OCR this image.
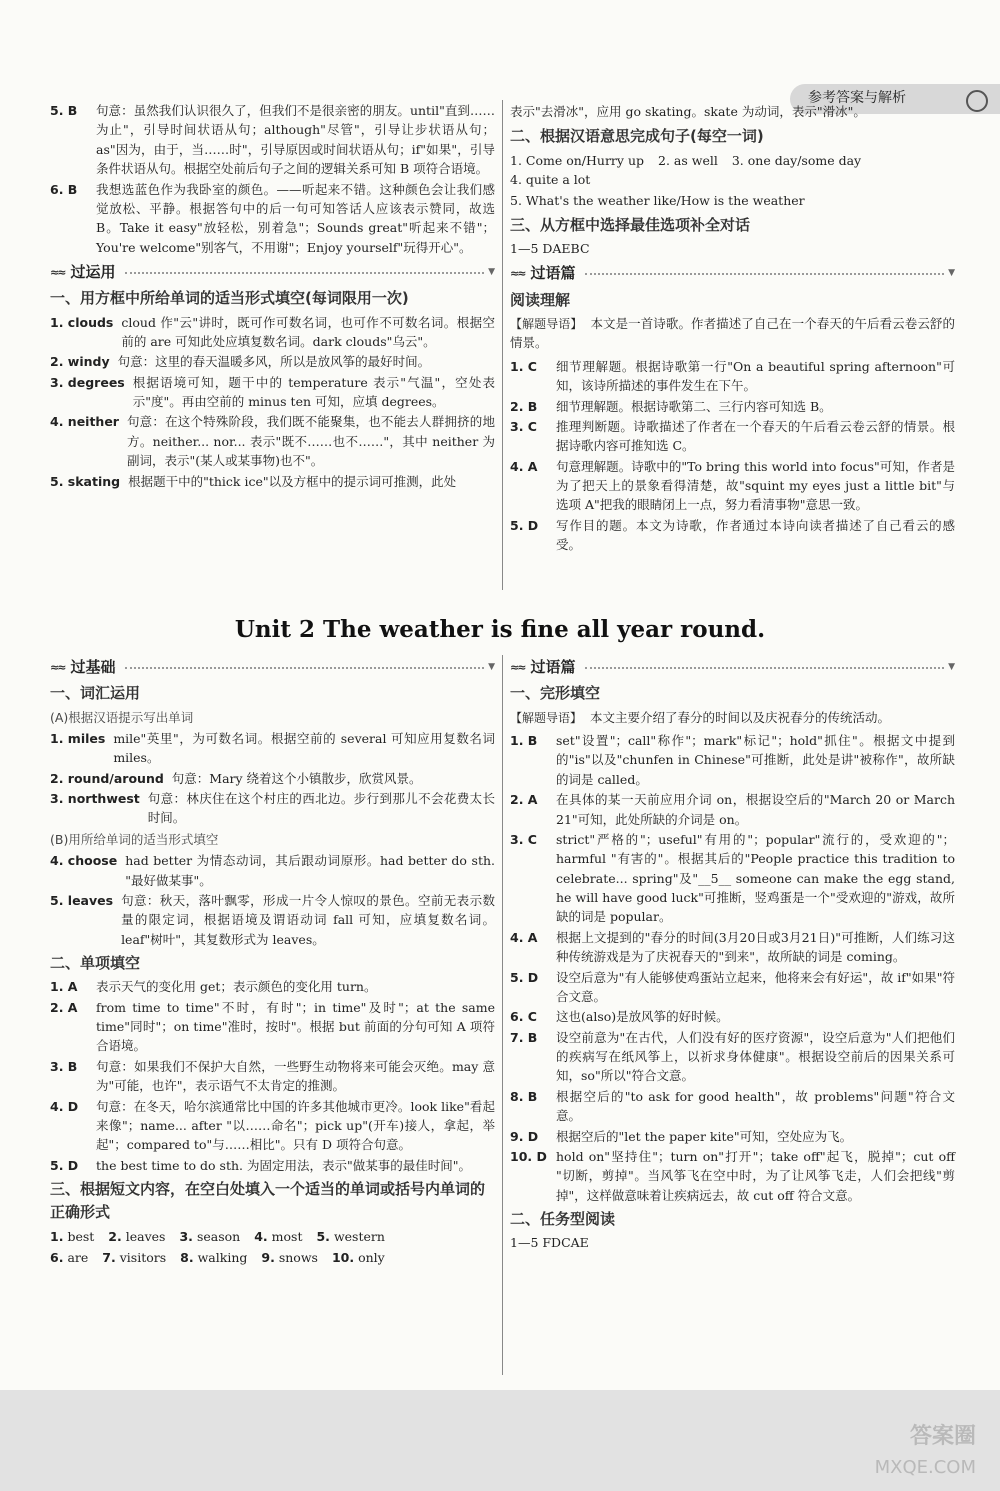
参考答案与解析
5. B	句意：虽然我们认识很久了，但我们不是很亲密的朋友。until"直到……为止"，引导时间状语从句；although"尽管"，引导让步状语从句；as"因为，由于，当……时"，引导原因或时间状语从句；if"如果"，引导条件状语从句。根据空处前后句子之间的逻辑关系可知 B 项符合语境。
6. B	我想选蓝色作为我卧室的颜色。——听起来不错。这种颜色会让我们感觉放松、平静。根据答句中的后一句可知答话人应该表示赞同，故选 B。Take it easy"放轻松，别着急"；Sounds great"听起来不错"；You're welcome"别客气，不用谢"；Enjoy yourself"玩得开心"。
≈≈ 过运用	▼
一、用方框中所给单词的适当形式填空(每词限用一次)
1. clouds cloud 作"云"讲时，既可作可数名词，也可作不可数名词。根据空前的 are 可知此处应填复数名词。dark clouds"乌云"。
2. windy 句意：这里的春天温暖多风，所以是放风筝的最好时间。
3. degrees 根据语境可知，题干中的 temperature 表示"气温"，空处表示"度"。再由空前的 minus ten 可知，应填 degrees。
4. neither 句意：在这个特殊阶段，我们既不能聚集，也不能去人群拥挤的地方。neither... nor... 表示"既不……也不……"，其中 neither 为副词，表示"(某人或某事物)也不"。
5. skating 根据题干中的"thick ice"以及方框中的提示词可推测，此处
表示"去滑冰"，应用 go skating。skate 为动词，表示"滑冰"。
二、根据汉语意思完成句子(每空一词)
1. Come on/Hurry up 2. as well 3. one day/some day
4. quite a lot
5. What's the weather like/How is the weather
三、从方框中选择最佳选项补全对话
1—5 DAEBC
≈≈ 过语篇	▼
阅读理解
【解题导语】 本文是一首诗歌。作者描述了自己在一个春天的午后看云卷云舒的情景。
1. C	细节理解题。根据诗歌第一行"On a beautiful spring afternoon"可知，该诗所描述的事件发生在下午。
2. B	细节理解题。根据诗歌第二、三行内容可知选 B。
3. C	推理判断题。诗歌描述了作者在一个春天的午后看云卷云舒的情景。根据诗歌内容可推知选 C。
4. A	句意理解题。诗歌中的"To bring this world into focus"可知，作者是为了把天上的景象看得清楚，故"squint my eyes just a little bit"与选项 A"把我的眼睛闭上一点，努力看清事物"意思一致。
5. D	写作目的题。本文为诗歌，作者通过本诗向读者描述了自己看云的感受。
Unit 2 The weather is fine all year round.
≈≈ 过基础	▼
一、词汇运用
(A)根据汉语提示写出单词
1. miles mile"英里"，为可数名词。根据空前的 several 可知应用复数名词 miles。
2. round/around 句意：Mary 绕着这个小镇散步，欣赏风景。
3. northwest 句意：林庆住在这个村庄的西北边。步行到那儿不会花费太长时间。
(B)用所给单词的适当形式填空
4. choose had better 为情态动词，其后跟动词原形。had better do sth. "最好做某事"。
5. leaves 句意：秋天，落叶飘零，形成一片令人惊叹的景色。空前无表示数量的限定词，根据语境及谓语动词 fall 可知，应填复数名词。leaf"树叶"，其复数形式为 leaves。
二、单项填空
1. A	表示天气的变化用 get；表示颜色的变化用 turn。
2. A	from time to time"不时，有时"；in time"及时"；at the same time"同时"；on time"准时，按时"。根据 but 前面的分句可知 A 项符合语境。
3. B	句意：如果我们不保护大自然，一些野生动物将来可能会灭绝。may 意为"可能，也许"，表示语气不太肯定的推测。
4. D	句意：在冬天，哈尔滨通常比中国的许多其他城市更冷。look like"看起来像"；name... after "以……命名"；pick up"(开车)接人，拿起，举起"；compared to"与……相比"。只有 D 项符合句意。
5. D	the best time to do sth. 为固定用法，表示"做某事的最佳时间"。
三、根据短文内容，在空白处填入一个适当的单词或括号内单词的正确形式
1. best 2. leaves 3. season 4. most 5. western
6. are 7. visitors 8. walking 9. snows 10. only
≈≈ 过语篇	▼
一、完形填空
【解题导语】 本文主要介绍了春分的时间以及庆祝春分的传统活动。
1. B	set"设置"；call"称作"；mark"标记"；hold"抓住"。根据文中提到的"is"以及"chunfen in Chinese"可推断，此处是讲"被称作"，故所缺的词是 called。
2. A	在具体的某一天前应用介词 on，根据设空后的"March 20 or March 21"可知，此处所缺的介词是 on。
3. C	strict"严格的"；useful"有用的"；popular"流行的，受欢迎的"；harmful "有害的"。根据其后的"People practice this tradition to celebrate... spring"及"__5__ someone can make the egg stand, he will have good luck"可推断，竖鸡蛋是一个"受欢迎的"游戏，故所缺的词是 popular。
4. A	根据上文提到的"春分的时间(3月20日或3月21日)"可推断，人们练习这种传统游戏是为了庆祝春天的"到来"，故所缺的词是 coming。
5. D	设空后意为"有人能够使鸡蛋站立起来，他将来会有好运"，故 if"如果"符合文意。
6. C	这也(also)是放风筝的好时候。
7. B	设空前意为"在古代，人们没有好的医疗资源"，设空后意为"人们把他们的疾病写在纸风筝上，以祈求身体健康"。根据设空前后的因果关系可知，so"所以"符合文意。
8. B	根据空后的"to ask for good health"，故 problems"问题"符合文意。
9. D	根据空后的"let the paper kite"可知，空处应为飞。
10. D hold on"坚持住"；turn on"打开"；take off"起飞，脱掉"；cut off "切断，剪掉"。当风筝飞在空中时，为了让风筝飞走，人们会把线"剪掉"，这样做意味着让疾病远去，故 cut off 符合文意。
二、任务型阅读
1—5 FDCAE
答案圈
MXQE.COM
